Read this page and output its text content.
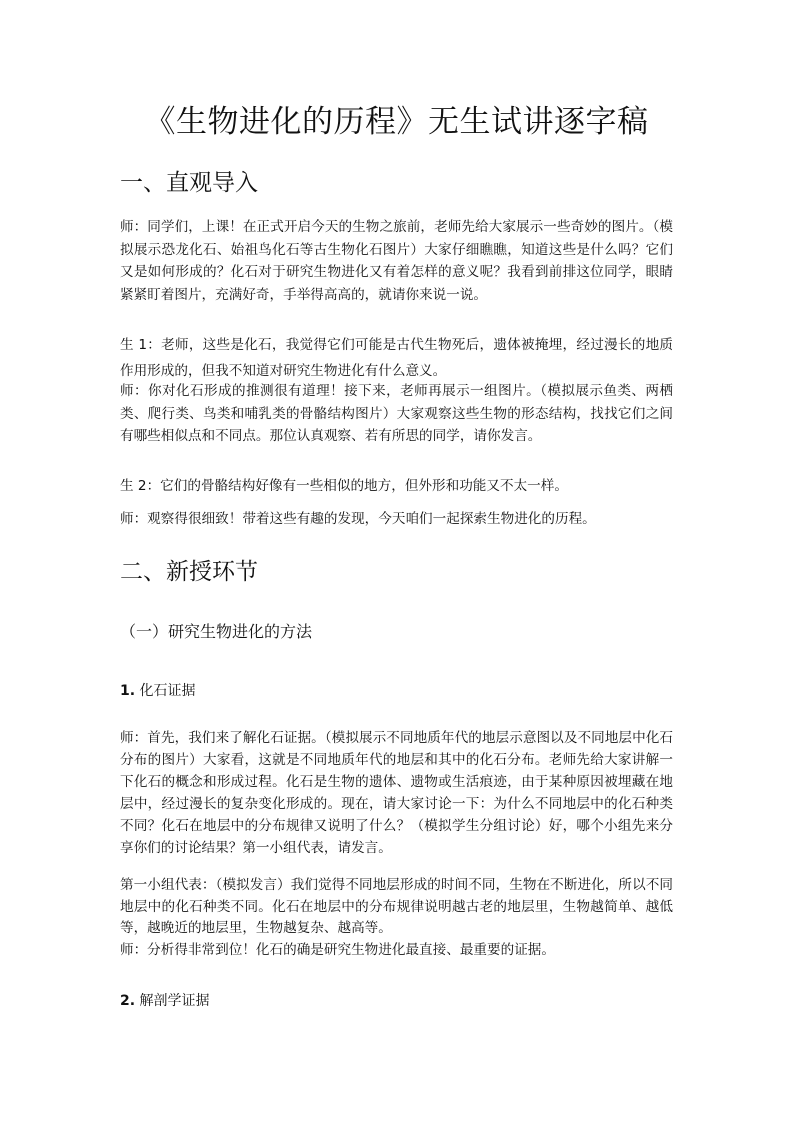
《生物进化的历程》无生试讲逐字稿
一、直观导入

师：同学们，上课！在正式开启今天的生物之旅前，老师先给大家展示一些奇妙的图片。（模拟展示恐龙化石、始祖鸟化石等古生物化石图片）大家仔细瞧瞧，知道这些是什么吗？它们又是如何形成的？化石对于研究生物进化又有着怎样的意义呢？我看到前排这位同学，眼睛紧紧盯着图片，充满好奇，手举得高高的，就请你来说一说。

生 1：老师，这些是化石，我觉得它们可能是古代生物死后，遗体被掩埋，经过漫长的地质作用形成的，但我不知道对研究生物进化有什么意义。

师：你对化石形成的推测很有道理！接下来，老师再展示一组图片。（模拟展示鱼类、两栖类、爬行类、鸟类和哺乳类的骨骼结构图片）大家观察这些生物的形态结构，找找它们之间有哪些相似点和不同点。那位认真观察、若有所思的同学，请你发言。

生 2：它们的骨骼结构好像有一些相似的地方，但外形和功能又不太一样。

师：观察得很细致！带着这些有趣的发现，今天咱们一起探索生物进化的历程。

二、新授环节
（一）研究生物进化的方法
1. 化石证据

师：首先，我们来了解化石证据。（模拟展示不同地质年代的地层示意图以及不同地层中化石分布的图片）大家看，这就是不同地质年代的地层和其中的化石分布。老师先给大家讲解一下化石的概念和形成过程。化石是生物的遗体、遗物或生活痕迹，由于某种原因被埋藏在地层中，经过漫长的复杂变化形成的。现在，请大家讨论一下：为什么不同地层中的化石种类不同？化石在地层中的分布规律又说明了什么？（模拟学生分组讨论）好，哪个小组先来分享你们的讨论结果？第一小组代表，请发言。

第一小组代表：（模拟发言）我们觉得不同地层形成的时间不同，生物在不断进化，所以不同地层中的化石种类不同。化石在地层中的分布规律说明越古老的地层里，生物越简单、越低等，越晚近的地层里，生物越复杂、越高等。

师：分析得非常到位！化石的确是研究生物进化最直接、最重要的证据。

2. 解剖学证据
